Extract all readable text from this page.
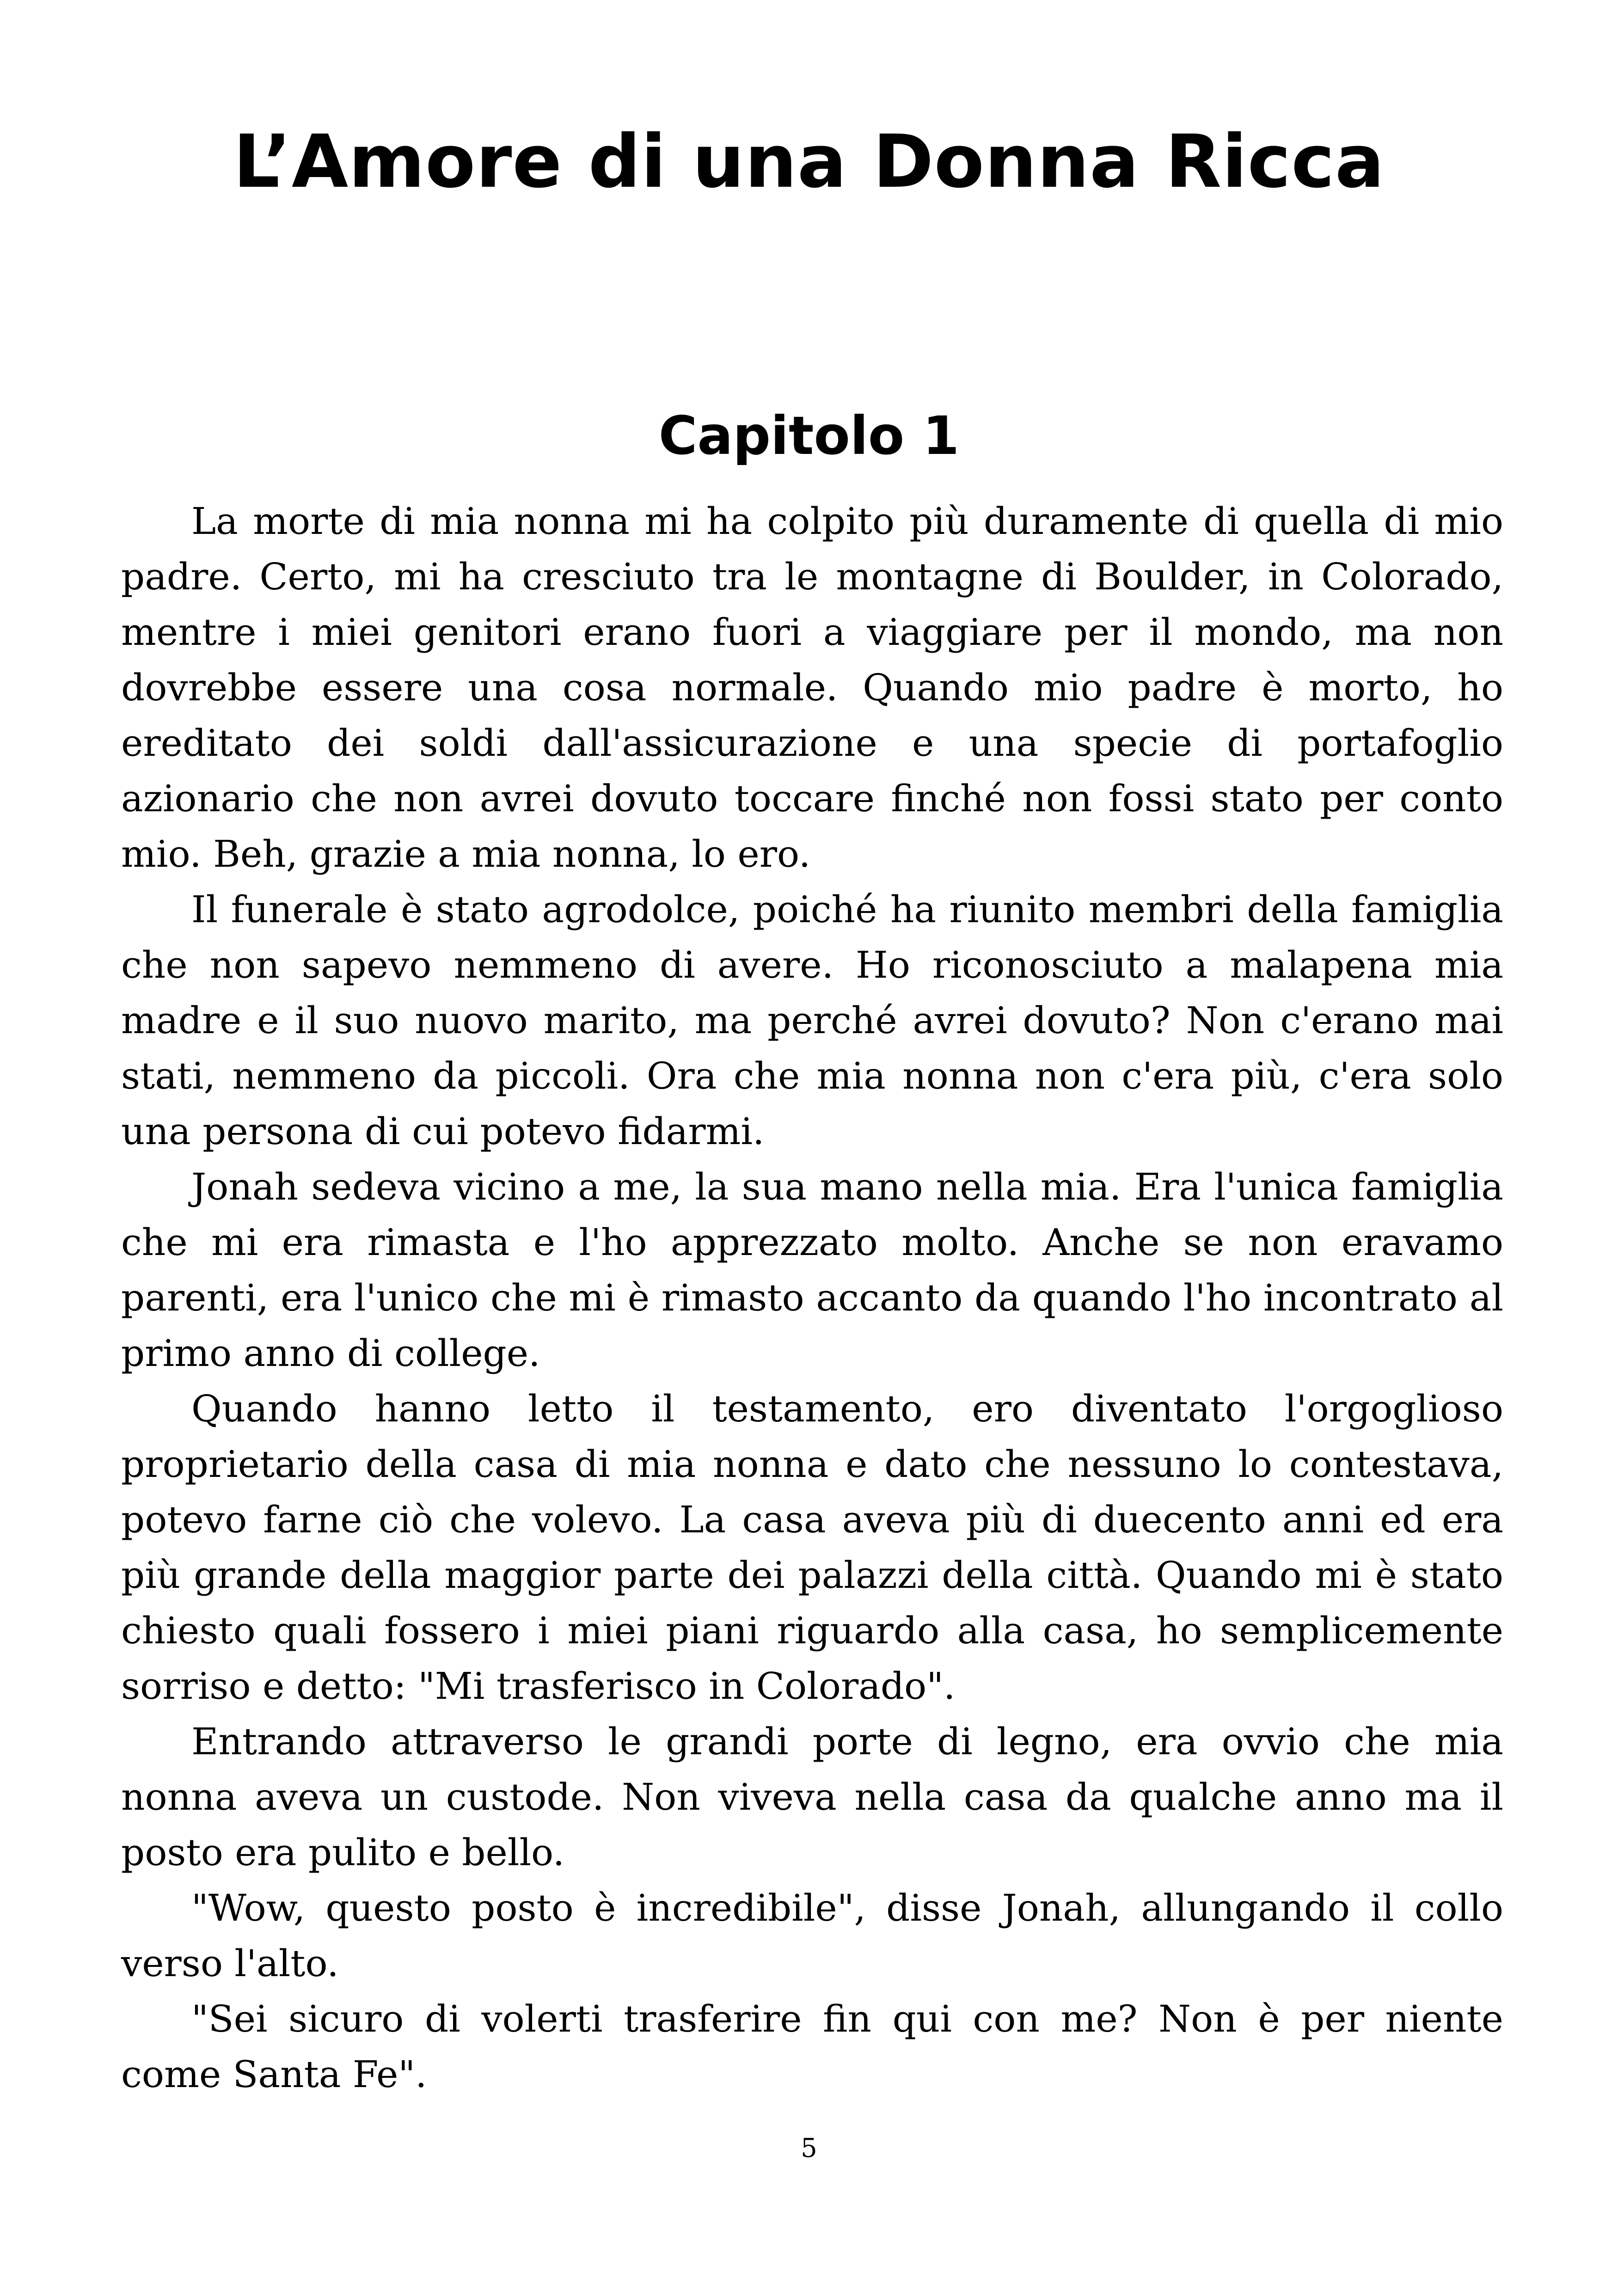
L’Amore di una Donna Ricca
Capitolo 1

La morte di mia nonna mi ha colpito più duramente di quella di mio padre. Certo, mi ha cresciuto tra le montagne di Boulder, in Colorado, mentre i miei genitori erano fuori a viaggiare per il mondo, ma non dovrebbe essere una cosa normale. Quando mio padre è morto, ho ereditato dei soldi dall'assicurazione e una specie di portafoglio azionario che non avrei dovuto toccare finché non fossi stato per conto mio. Beh, grazie a mia nonna, lo ero.

Il funerale è stato agrodolce, poiché ha riunito membri della famiglia che non sapevo nemmeno di avere. Ho riconosciuto a malapena mia madre e il suo nuovo marito, ma perché avrei dovuto? Non c'erano mai stati, nemmeno da piccoli. Ora che mia nonna non c'era più, c'era solo una persona di cui potevo fidarmi.

Jonah sedeva vicino a me, la sua mano nella mia. Era l'unica famiglia che mi era rimasta e l'ho apprezzato molto. Anche se non eravamo parenti, era l'unico che mi è rimasto accanto da quando l'ho incontrato al primo anno di college.

Quando hanno letto il testamento, ero diventato l'orgoglioso proprietario della casa di mia nonna e dato che nessuno lo contestava, potevo farne ciò che volevo. La casa aveva più di duecento anni ed era più grande della maggior parte dei palazzi della città. Quando mi è stato chiesto quali fossero i miei piani riguardo alla casa, ho semplicemente sorriso e detto: "Mi trasferisco in Colorado".

Entrando attraverso le grandi porte di legno, era ovvio che mia nonna aveva un custode. Non viveva nella casa da qualche anno ma il posto era pulito e bello.

"Wow, questo posto è incredibile", disse Jonah, allungando il collo verso l'alto.

"Sei sicuro di volerti trasferire fin qui con me? Non è per niente come Santa Fe".

5
